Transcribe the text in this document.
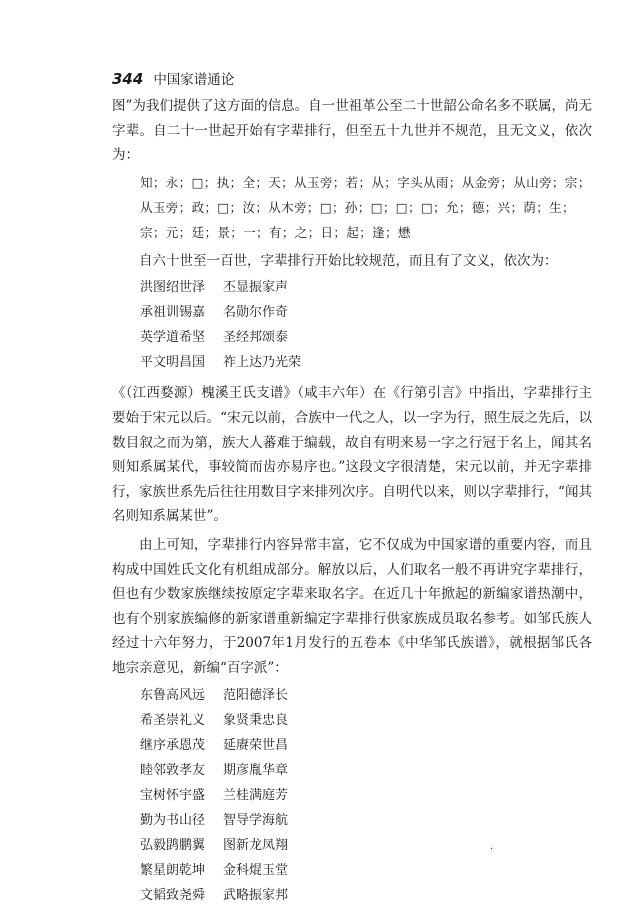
344 中国家谱通论

图”为我们提供了这方面的信息。自一世祖革公至二十世韶公命名多不联属，尚无字辈。自二十一世起开始有字辈排行，但至五十九世并不规范，且无文义，依次为：

知；永；□；执；全；天；从玉旁；若；从；字头从雨；从金旁；从山旁；宗；从玉旁；政；□；汝；从木旁；□；孙；□；□；□；允；德；兴；荫；生；宗；元；廷；景；一；有；之；日；起；逢；懋

自六十世至一百世，字辈排行开始比较规范，而且有了文义，依次为：

洪图绍世泽 丕显振家声
承祖训锡嘉 名勋尔作奇
英学道希坚 圣经邦颂泰
平文明昌国 祚上达乃光荣

《（江西婺源）槐溪王氏支谱》（咸丰六年）在《行第引言》中指出，字辈排行主要始于宋元以后。“宋元以前，合族中一代之人，以一字为行，照生辰之先后，以数目叙之而为第，族大人蕃难于编载，故自有明来易一字之行冠于名上，闻其名则知系属某代，事较简而齿亦易序也。”这段文字很清楚，宋元以前，并无字辈排行，家族世系先后往往用数目字来排列次序。自明代以来，则以字辈排行，“闻其名则知系属某世”。

由上可知，字辈排行内容异常丰富，它不仅成为中国家谱的重要内容，而且构成中国姓氏文化有机组成部分。解放以后，人们取名一般不再讲究字辈排行，但也有少数家族继续按原定字辈来取名字。在近几十年掀起的新编家谱热潮中，也有个别家族编修的新家谱重新编定字辈排行供家族成员取名参考。如邹氏族人经过十六年努力，于2007年1月发行的五卷本《中华邹氏族谱》，就根据邹氏各地宗亲意见，新编“百字派”：

东鲁高风远 范阳德泽长
希圣崇礼义 象贤秉忠良
继序承恩茂 延赓荣世昌
睦邻敦孝友 期彦胤华章
宝树怀宇盛 兰桂满庭芳
勤为书山径 智导学海航
弘毅鹍鹏翼 图新龙凤翔
繁星朗乾坤 金科焜玉堂
文韬致尧舜 武略振家邦
.
